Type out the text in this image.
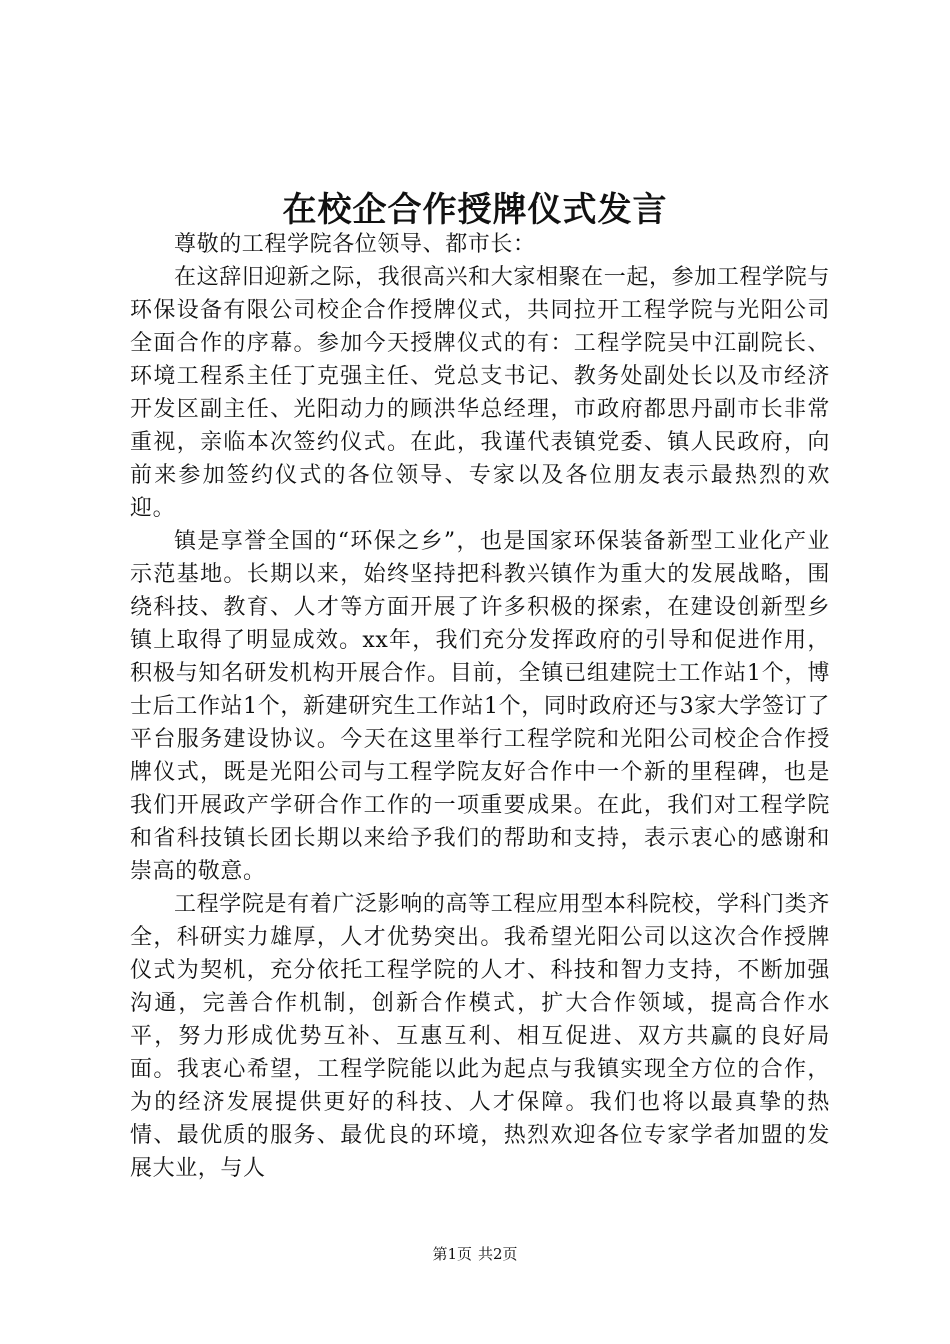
在校企合作授牌仪式发言

尊敬的工程学院各位领导、都市长：

在这辞旧迎新之际，我很高兴和大家相聚在一起，参加工程学院与环保设备有限公司校企合作授牌仪式，共同拉开工程学院与光阳公司全面合作的序幕。参加今天授牌仪式的有：工程学院吴中江副院长、环境工程系主任丁克强主任、党总支书记、教务处副处长以及市经济开发区副主任、光阳动力的顾洪华总经理，市政府都思丹副市长非常重视，亲临本次签约仪式。在此，我谨代表镇党委、镇人民政府，向前来参加签约仪式的各位领导、专家以及各位朋友表示最热烈的欢迎。

镇是享誉全国的“环保之乡”，也是国家环保装备新型工业化产业示范基地。长期以来，始终坚持把科教兴镇作为重大的发展战略，围绕科技、教育、人才等方面开展了许多积极的探索，在建设创新型乡镇上取得了明显成效。xx年，我们充分发挥政府的引导和促进作用，积极与知名研发机构开展合作。目前，全镇已组建院士工作站1个，博士后工作站1个，新建研究生工作站1个，同时政府还与3家大学签订了平台服务建设协议。今天在这里举行工程学院和光阳公司校企合作授牌仪式，既是光阳公司与工程学院友好合作中一个新的里程碑，也是我们开展政产学研合作工作的一项重要成果。在此，我们对工程学院和省科技镇长团长期以来给予我们的帮助和支持，表示衷心的感谢和崇高的敬意。

工程学院是有着广泛影响的高等工程应用型本科院校，学科门类齐全，科研实力雄厚，人才优势突出。我希望光阳公司以这次合作授牌仪式为契机，充分依托工程学院的人才、科技和智力支持，不断加强沟通，完善合作机制，创新合作模式，扩大合作领域，提高合作水平，努力形成优势互补、互惠互利、相互促进、双方共赢的良好局面。我衷心希望，工程学院能以此为起点与我镇实现全方位的合作，为的经济发展提供更好的科技、人才保障。我们也将以最真挚的热情、最优质的服务、最优良的环境，热烈欢迎各位专家学者加盟的发展大业，与人

第1页 共2页
